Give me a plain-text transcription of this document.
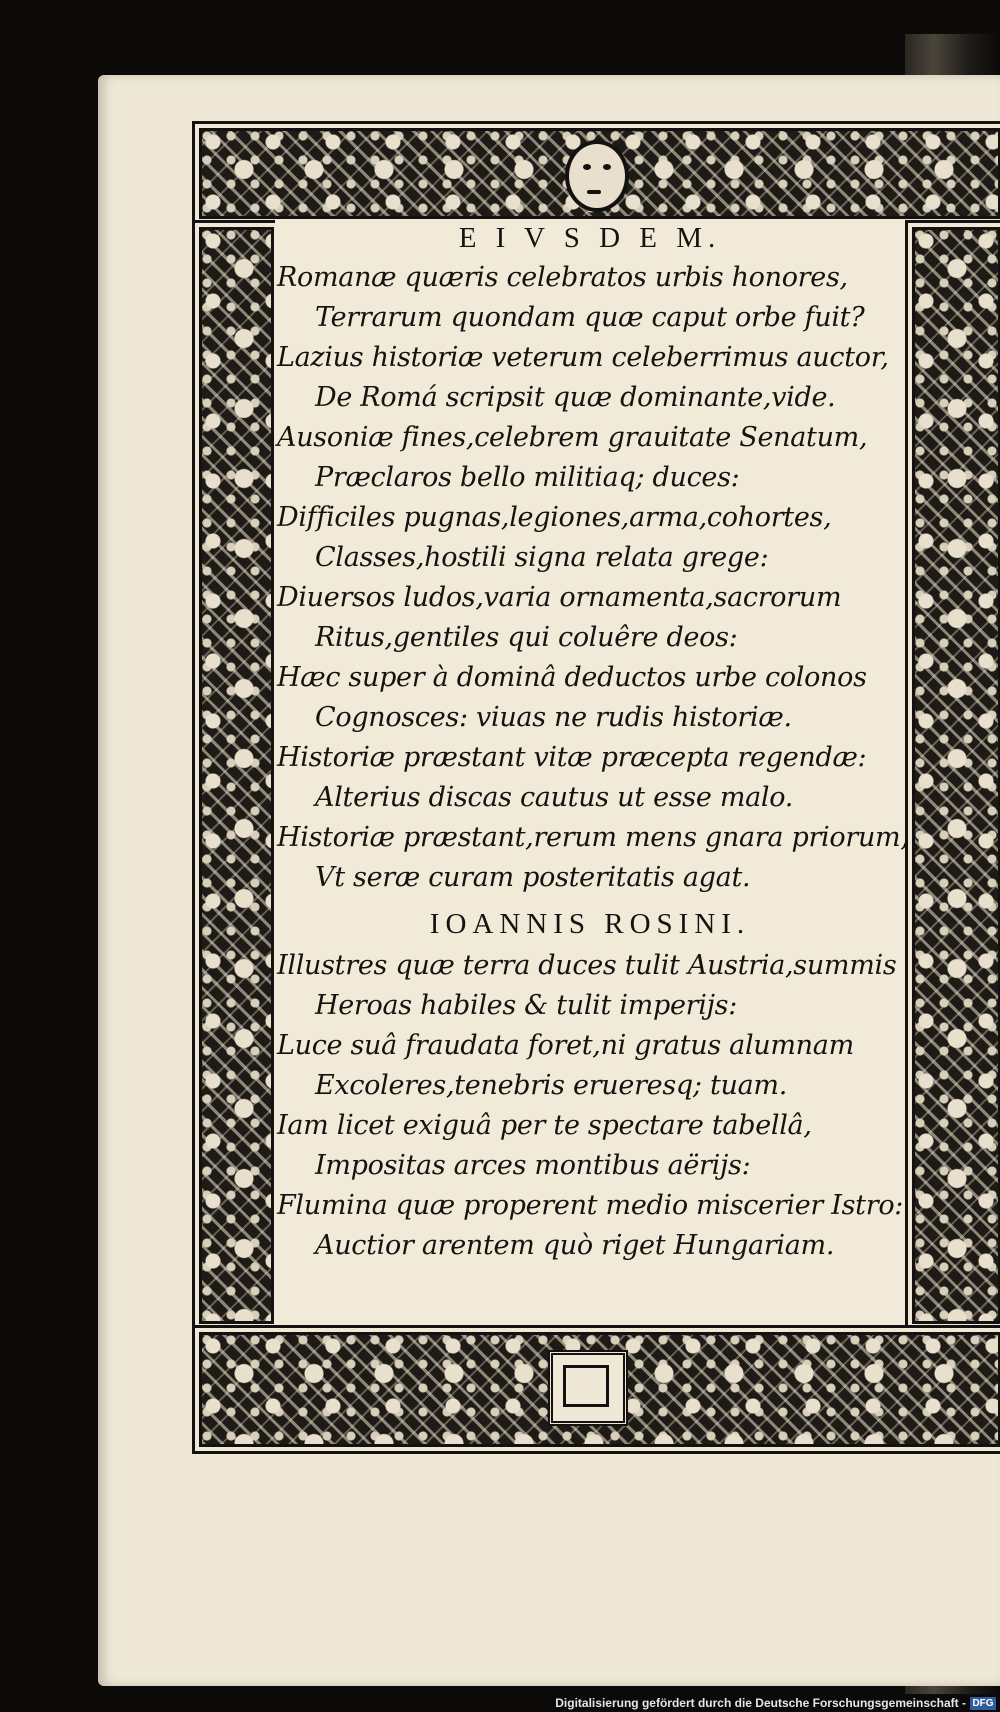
E I V S D E M.
Romanæ quæris celebratos urbis honores,
Terrarum quondam quæ caput orbe fuit?
Lazius historiæ veterum celeberrimus auctor,
De Romá scripsit quæ dominante,vide.
Ausoniæ fines,celebrem grauitate Senatum,
Præclaros bello militiaq; duces:
Difficiles pugnas,legiones,arma,cohortes,
Classes,hostili signa relata grege:
Diuersos ludos,varia ornamenta,sacrorum
Ritus,gentiles qui coluêre deos:
Hæc super à dominâ deductos urbe colonos
Cognosces: viuas ne rudis historiæ.
Historiæ præstant vitæ præcepta regendæ:
Alterius discas cautus ut esse malo.
Historiæ præstant,rerum mens gnara priorum,
Vt seræ curam posteritatis agat.
IOANNIS ROSINI.
Illustres quæ terra duces tulit Austria,summis
Heroas habiles & tulit imperijs:
Luce suâ fraudata foret,ni gratus alumnam
Excoleres,tenebris erueresq; tuam.
Iam licet exiguâ per te spectare tabellâ,
Impositas arces montibus aërijs:
Flumina quæ properent medio miscerier Istro:
Auctior arentem quò riget Hungariam.
Digitalisierung gefördert durch die Deutsche Forschungsgemeinschaft - DFG
